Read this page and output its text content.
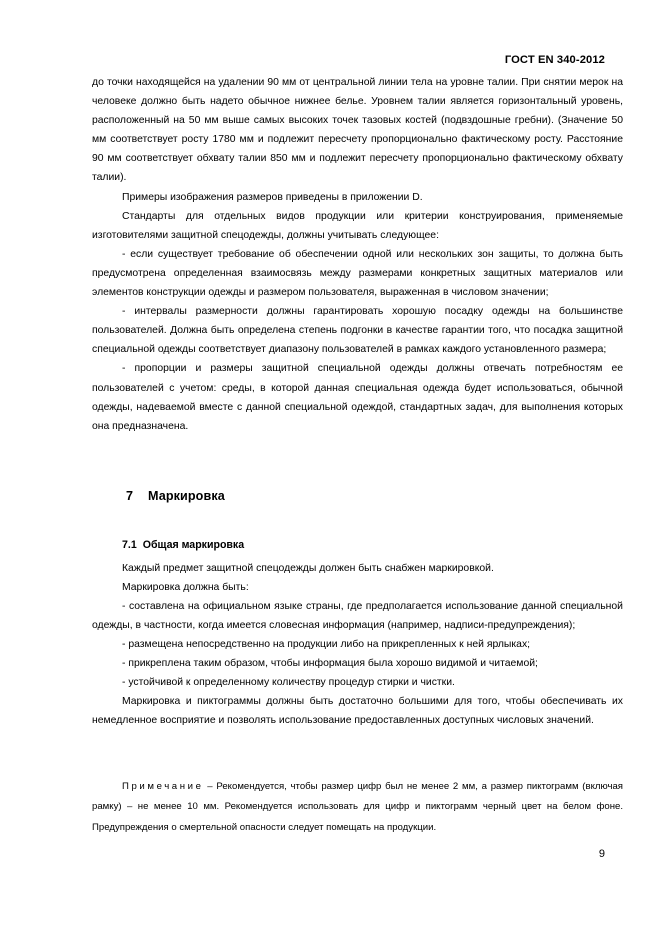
ГОСТ EN 340-2012

до точки находящейся на удалении 90 мм от центральной линии тела на уровне талии. При снятии мерок на человеке должно быть надето обычное нижнее белье. Уровнем талии является горизонтальный уровень, расположенный на 50 мм выше самых высоких точек тазовых костей (подвздошные гребни). (Значение 50 мм соответствует росту 1780 мм и подлежит пересчету пропорционально фактическому росту. Расстояние 90 мм соответствует обхвату талии 850 мм и подлежит пересчету пропорционально фактическому обхвату талии).

Примеры изображения размеров приведены в приложении D.

Стандарты для отдельных видов продукции или критерии конструирования, применяемые изготовителями защитной спецодежды, должны учитывать следующее:

- если существует требование об обеспечении одной или нескольких зон защиты, то должна быть предусмотрена определенная взаимосвязь между размерами конкретных защитных материалов или элементов конструкции одежды и размером пользователя, выраженная в числовом значении;

- интервалы размерности должны гарантировать хорошую посадку одежды на большинстве пользователей. Должна быть определена степень подгонки в качестве гарантии того, что посадка защитной специальной одежды соответствует диапазону пользователей в рамках каждого установленного размера;

- пропорции и размеры защитной специальной одежды должны отвечать потребностям ее пользователей с учетом: среды, в которой данная специальная одежда будет использоваться, обычной одежды, надеваемой вместе с данной специальной одеждой, стандартных задач, для выполнения которых она предназначена.

7 Маркировка

7.1 Общая маркировка

Каждый предмет защитной спецодежды должен быть снабжен маркировкой.

Маркировка должна быть:

- составлена на официальном языке страны, где предполагается использование данной специальной одежды, в частности, когда имеется словесная информация (например, надписи-предупреждения);

- размещена непосредственно на продукции либо на прикрепленных к ней ярлыках;

- прикреплена таким образом, чтобы информация была хорошо видимой и читаемой;

- устойчивой к определенному количеству процедур стирки и чистки.

Маркировка и пиктограммы должны быть достаточно большими для того, чтобы обеспечивать их немедленное восприятие и позволять использование предоставленных доступных числовых значений.

Примечание – Рекомендуется, чтобы размер цифр был не менее 2 мм, а размер пиктограмм (включая рамку) – не менее 10 мм. Рекомендуется использовать для цифр и пиктограмм черный цвет на белом фоне. Предупреждения о смертельной опасности следует помещать на продукции.

9
